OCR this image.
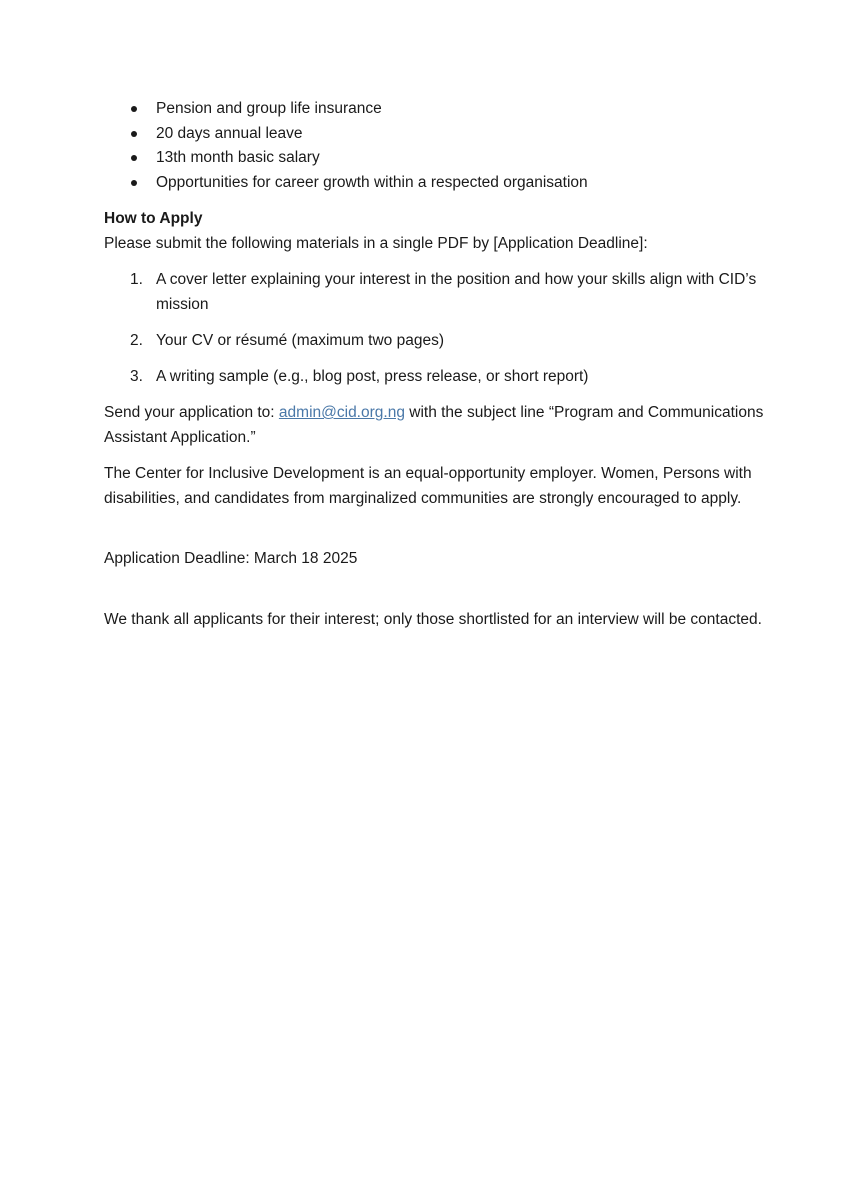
Pension and group life insurance
20 days annual leave
13th month basic salary
Opportunities for career growth within a respected organisation
How to Apply

Please submit the following materials in a single PDF by [Application Deadline]:

1. A cover letter explaining your interest in the position and how your skills align with CID’s mission
2. Your CV or résumé (maximum two pages)
3. A writing sample (e.g., blog post, press release, or short report)

Send your application to: admin@cid.org.ng with the subject line “Program and Communications Assistant Application.”

The Center for Inclusive Development is an equal-opportunity employer. Women, Persons with disabilities, and candidates from marginalized communities are strongly encouraged to apply.

Application Deadline: March 18 2025

We thank all applicants for their interest; only those shortlisted for an interview will be contacted.
